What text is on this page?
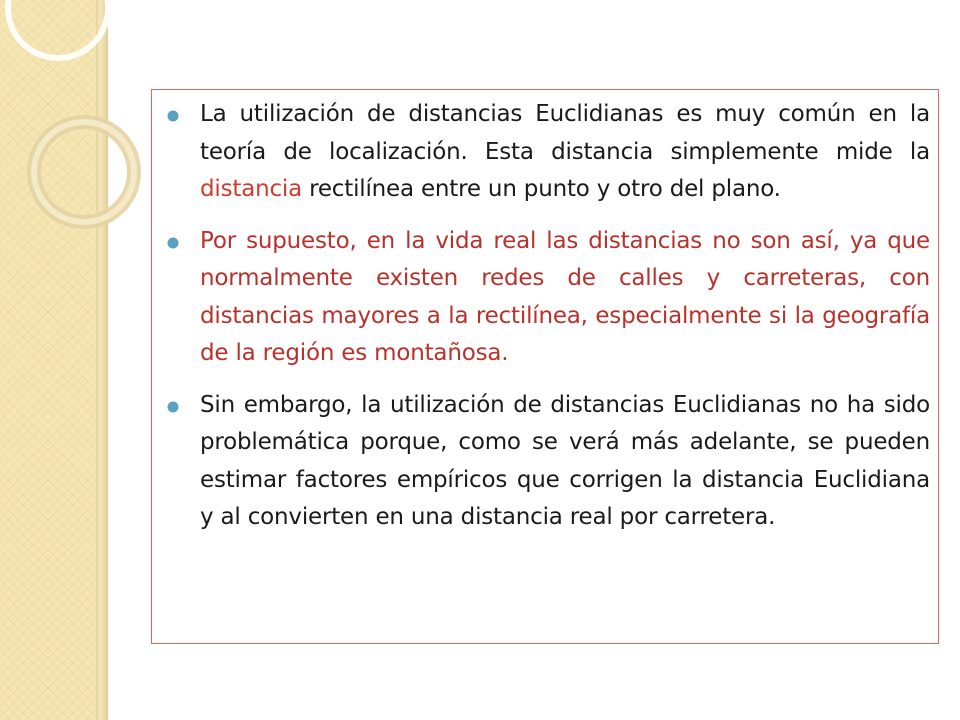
La utilización de distancias Euclidianas es muy común en la teoría de localización. Esta distancia simplemente mide la distancia rectilínea entre un punto y otro del plano.

Por supuesto, en la vida real las distancias no son así, ya que normalmente existen redes de calles y carreteras, con distancias mayores a la rectilínea, especialmente si la geografía de la región es montañosa.

Sin embargo, la utilización de distancias Euclidianas no ha sido problemática porque, como se verá más adelante, se pueden estimar factores empíricos que corrigen la distancia Euclidiana y al convierten en una distancia real por carretera.
